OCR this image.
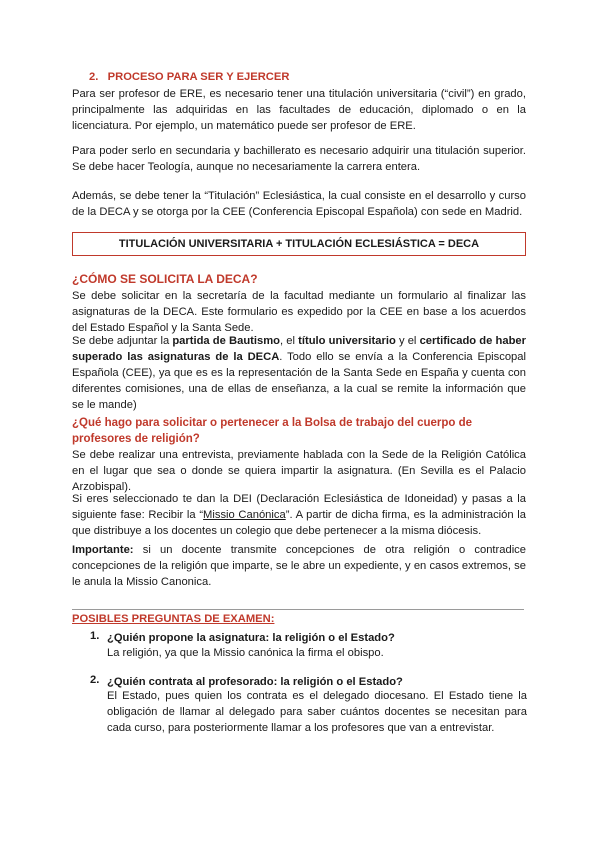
2. PROCESO PARA SER Y EJERCER

Para ser profesor de ERE, es necesario tener una titulación universitaria (“civil”) en grado, principalmente las adquiridas en las facultades de educación, diplomado o en la licenciatura. Por ejemplo, un matemático puede ser profesor de ERE.

Para poder serlo en secundaria y bachillerato es necesario adquirir una titulación superior. Se debe hacer Teología, aunque no necesariamente la carrera entera.

Además, se debe tener la “Titulación” Eclesiástica, la cual consiste en el desarrollo y curso de la DECA y se otorga por la CEE (Conferencia Episcopal Española) con sede en Madrid.

TITULACIÓN UNIVERSITARIA + TITULACIÓN ECLESIÁSTICA = DECA
¿CÓMO SE SOLICITA LA DECA?

Se debe solicitar en la secretaría de la facultad mediante un formulario al finalizar las asignaturas de la DECA. Este formulario es expedido por la CEE en base a los acuerdos del Estado Español y la Santa Sede.

Se debe adjuntar la partida de Bautismo, el título universitario y el certificado de haber superado las asignaturas de la DECA. Todo ello se envía a la Conferencia Episcopal Española (CEE), ya que es es la representación de la Santa Sede en España y cuenta con diferentes comisiones, una de ellas de enseñanza, a la cual se remite la información que se le mande)

¿Qué hago para solicitar o pertenecer a la Bolsa de trabajo del cuerpo de profesores de religión?

Se debe realizar una entrevista, previamente hablada con la Sede de la Religión Católica en el lugar que sea o donde se quiera impartir la asignatura. (En Sevilla es el Palacio Arzobispal).

Si eres seleccionado te dan la DEI (Declaración Eclesiástica de Idoneidad) y pasas a la siguiente fase: Recibir la “Missio Canónica”. A partir de dicha firma, es la administración la que distribuye a los docentes un colegio que debe pertenecer a la misma diócesis.

Importante: si un docente transmite concepciones de otra religión o contradice concepciones de la religión que imparte, se le abre un expediente, y en casos extremos, se le anula la Missio Canonica.

POSIBLES PREGUNTAS DE EXAMEN:
1. ¿Quién propone la asignatura: la religión o el Estado?
La religión, ya que la Missio canónica la firma el obispo.
2. ¿Quién contrata al profesorado: la religión o el Estado?
El Estado, pues quien los contrata es el delegado diocesano. El Estado tiene la obligación de llamar al delegado para saber cuántos docentes se necesitan para cada curso, para posteriormente llamar a los profesores que van a entrevistar.
